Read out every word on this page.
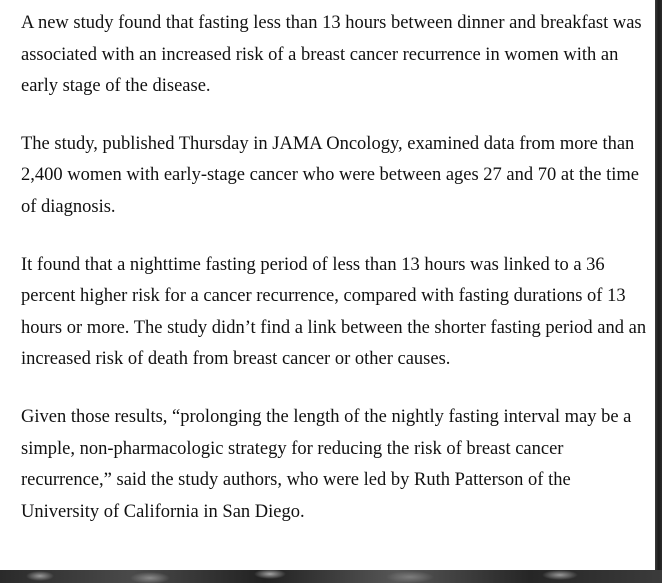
A new study found that fasting less than 13 hours between dinner and breakfast was associated with an increased risk of a breast cancer recurrence in women with an early stage of the disease.

The study, published Thursday in JAMA Oncology, examined data from more than 2,400 women with early-stage cancer who were between ages 27 and 70 at the time of diagnosis.

It found that a nighttime fasting period of less than 13 hours was linked to a 36 percent higher risk for a cancer recurrence, compared with fasting durations of 13 hours or more. The study didn’t find a link between the shorter fasting period and an increased risk of death from breast cancer or other causes.

Given those results, “prolonging the length of the nightly fasting interval may be a simple, non-pharmacologic strategy for reducing the risk of breast cancer recurrence,” said the study authors, who were led by Ruth Patterson of the University of California in San Diego.
